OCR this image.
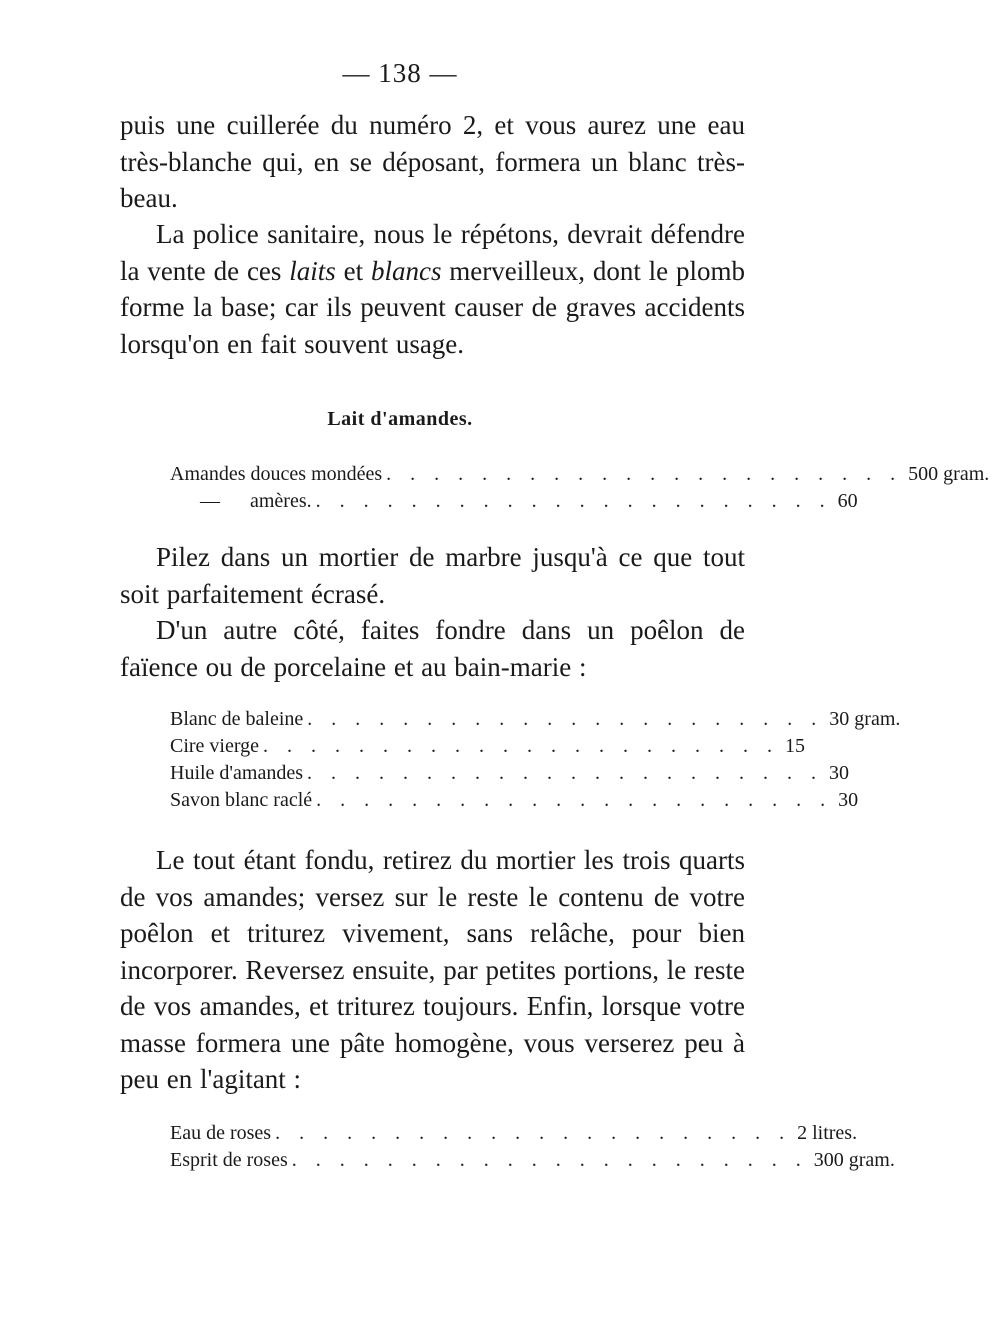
— 138 —

puis une cuillerée du numéro 2, et vous aurez une eau très-blanche qui, en se déposant, formera un blanc très-beau.

La police sanitaire, nous le répétons, devrait défendre la vente de ces laits et blancs merveilleux, dont le plomb forme la base; car ils peuvent causer de graves accidents lorsqu'on en fait souvent usage.

Lait d'amandes.
Amandes douces mondées . . . . . . . . . . . . . . . . . . . . . . 500 gram.
— amères. . . . . . . . . . . . . . . . . . . . . . . 60

Pilez dans un mortier de marbre jusqu'à ce que tout soit parfaitement écrasé.

D'un autre côté, faites fondre dans un poêlon de faïence ou de porcelaine et au bain-marie :

Blanc de baleine . . . . . . . . . . . . . . . . . . . . . . 30 gram.
Cire vierge . . . . . . . . . . . . . . . . . . . . . . 15
Huile d'amandes . . . . . . . . . . . . . . . . . . . . . . 30
Savon blanc raclé . . . . . . . . . . . . . . . . . . . . . . 30

Le tout étant fondu, retirez du mortier les trois quarts de vos amandes; versez sur le reste le contenu de votre poêlon et triturez vivement, sans relâche, pour bien incorporer. Reversez ensuite, par petites portions, le reste de vos amandes, et triturez toujours. Enfin, lorsque votre masse formera une pâte homogène, vous verserez peu à peu en l'agitant :

Eau de roses . . . . . . . . . . . . . . . . . . . . . . 2 litres.
Esprit de roses . . . . . . . . . . . . . . . . . . . . . . 300 gram.
